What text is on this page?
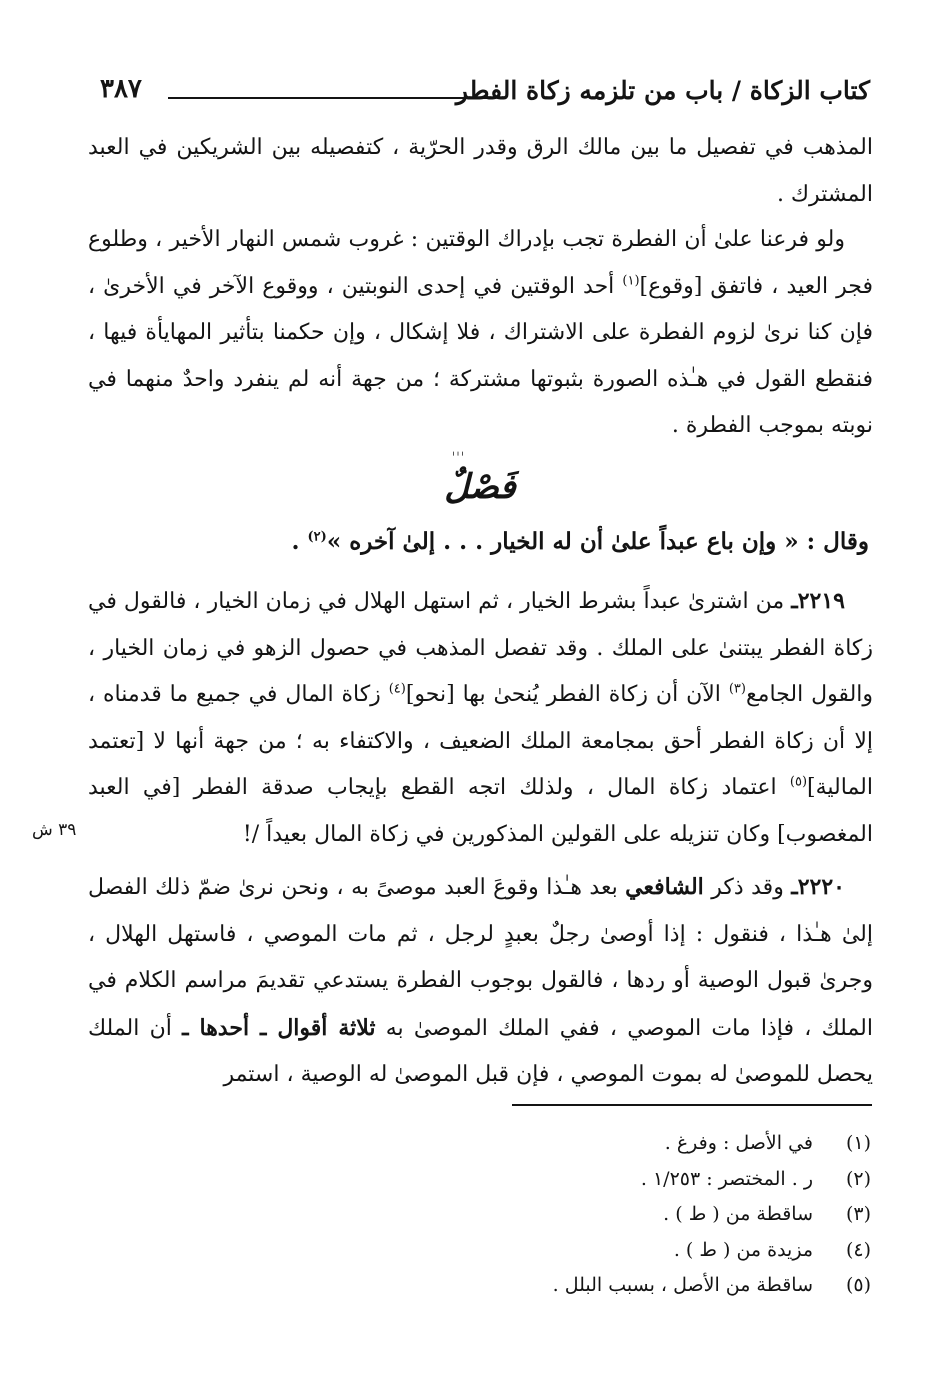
كتاب الزكاة / باب من تلزمه زكاة الفطر
٣٨٧

المذهب في تفصيل ما بين مالك الرق وقدر الحرّية ، كتفصيله بين الشريكين في العبد المشترك .

ولو فرعنا علىٰ أن الفطرة تجب بإدراك الوقتين : غروب شمس النهار الأخير ، وطلوع فجر العيد ، فاتفق [وقوع]$^{(١)}$ أحد الوقتين في إحدى النوبتين ، ووقوع الآخر في الأخرىٰ ، فإن كنا نرىٰ لزوم الفطرة على الاشتراك ، فلا إشكال ، وإن حكمنا بتأثير المهايأة فيها ، فنقطع القول في هـٰذه الصورة بثبوتها مشتركة ؛ من جهة أنه لم ينفرد واحدٌ منهما في نوبته بموجب الفطرة .

ٰ ٰ ٰ
فَصْلٌ
وقال : « وإن باع عبداً علىٰ أن له الخيار . . . إلىٰ آخره »$^{(٢)}$ .

٢٢١٩ـ من اشترىٰ عبداً بشرط الخيار ، ثم استهل الهلال في زمان الخيار ، فالقول في زكاة الفطر يبتنىٰ على الملك . وقد تفصل المذهب في حصول الزهو في زمان الخيار ، والقول الجامع$^{(٣)}$ الآن أن زكاة الفطر يُنحىٰ بها [نحو]$^{(٤)}$ زكاة المال في جميع ما قدمناه ، إلا أن زكاة الفطر أحق بمجامعة الملك الضعيف ، والاكتفاء به ؛ من جهة أنها لا [تعتمد المالية]$^{(٥)}$ اعتماد زكاة المال ، ولذلك اتجه القطع بإيجاب صدقة الفطر [في العبد المغصوب] وكان تنزيله على القولين المذكورين في زكاة المال بعيداً /!

٣٩ ش

٢٢٢٠ـ وقد ذكر الشافعي بعد هـٰذا وقوعَ العبد موصىً به ، ونحن نرىٰ ضمّ ذلك الفصل إلىٰ هـٰذا ، فنقول : إذا أوصىٰ رجلٌ بعبدٍ لرجل ، ثم مات الموصي ، فاستهل الهلال ، وجرىٰ قبول الوصية أو ردها ، فالقول بوجوب الفطرة يستدعي تقديمَ مراسم الكلام في الملك ، فإذا مات الموصي ، ففي الملك الموصىٰ به ثلاثة أقوال ـ أحدها ـ أن الملك يحصل للموصىٰ له بموت الموصي ، فإن قبل الموصىٰ له الوصية ، استمر

(١)في الأصل : وفرغ .
(٢)ر . المختصر : ١/٢٥٣ .
(٣)ساقطة من ( ط ) .
(٤)مزيدة من ( ط ) .
(٥)ساقطة من الأصل ، بسبب البلل .
